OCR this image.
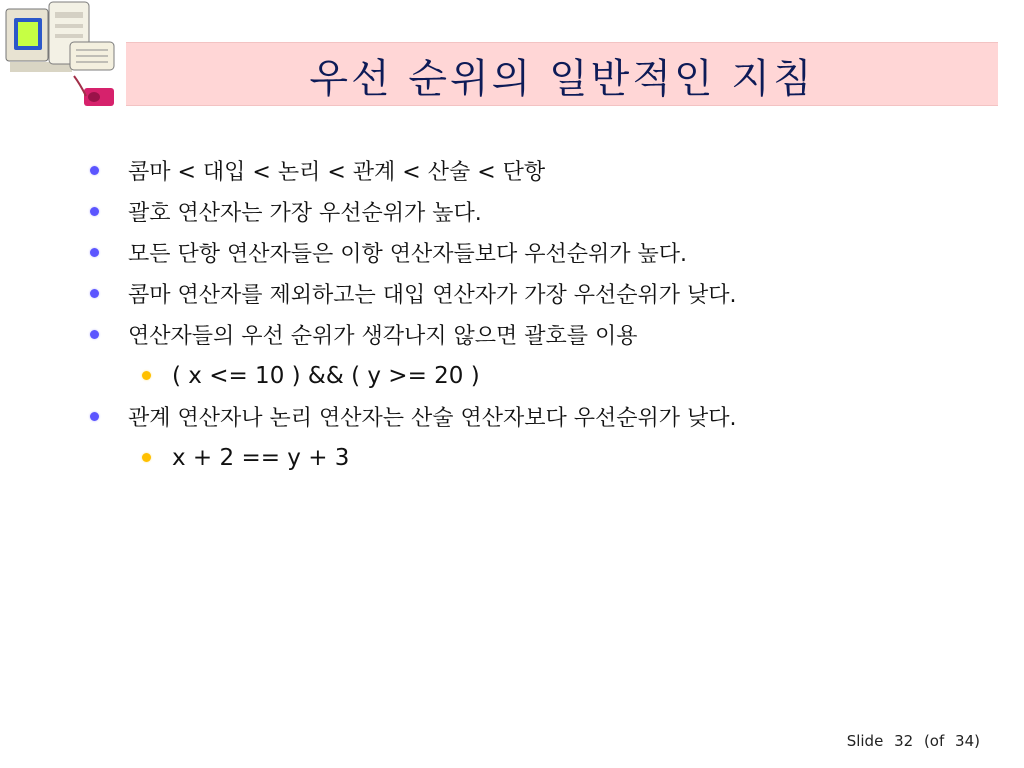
우선 순위의 일반적인 지침
콤마 < 대입 < 논리 < 관계 < 산술 < 단항
괄호 연산자는 가장 우선순위가 높다.
모든 단항 연산자들은 이항 연산자들보다 우선순위가 높다.
콤마 연산자를 제외하고는 대입 연산자가 가장 우선순위가 낮다.
연산자들의 우선 순위가 생각나지 않으면 괄호를 이용
( x <= 10 ) && ( y >= 20 )
관계 연산자나 논리 연산자는 산술 연산자보다 우선순위가 낮다.
x + 2 == y + 3
Slide 32 (of 34)
